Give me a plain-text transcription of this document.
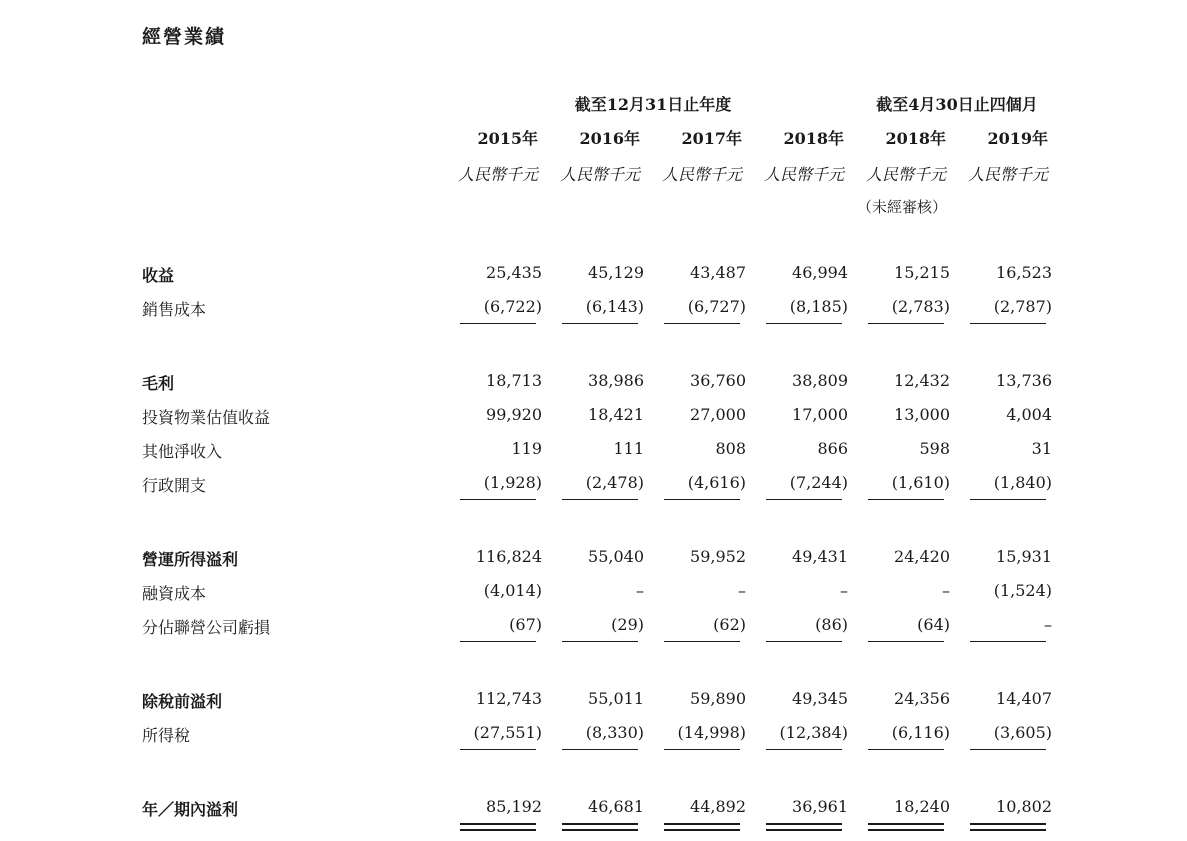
經營業績
截至12月31日止年度	截至4月30日止四個月
2015年	2016年	2017年	2018年	2018年	2019年
人民幣千元	人民幣千元	人民幣千元	人民幣千元	人民幣千元	人民幣千元
（未經審核）
收益	25,435	45,129	43,487	46,994	15,215	16,523
銷售成本	(6,722)	(6,143)	(6,727)	(8,185)	(2,783)	(2,787)
毛利	18,713	38,986	36,760	38,809	12,432	13,736
投資物業估值收益	99,920	18,421	27,000	17,000	13,000	4,004
其他淨收入	119	111	808	866	598	31
行政開支	(1,928)	(2,478)	(4,616)	(7,244)	(1,610)	(1,840)
營運所得溢利	116,824	55,040	59,952	49,431	24,420	15,931
融資成本	(4,014)	–	–	–	–	(1,524)
分佔聯營公司虧損	(67)	(29)	(62)	(86)	(64)	–
除稅前溢利	112,743	55,011	59,890	49,345	24,356	14,407
所得稅	(27,551)	(8,330)	(14,998)	(12,384)	(6,116)	(3,605)
年／期內溢利	85,192	46,681	44,892	36,961	18,240	10,802
